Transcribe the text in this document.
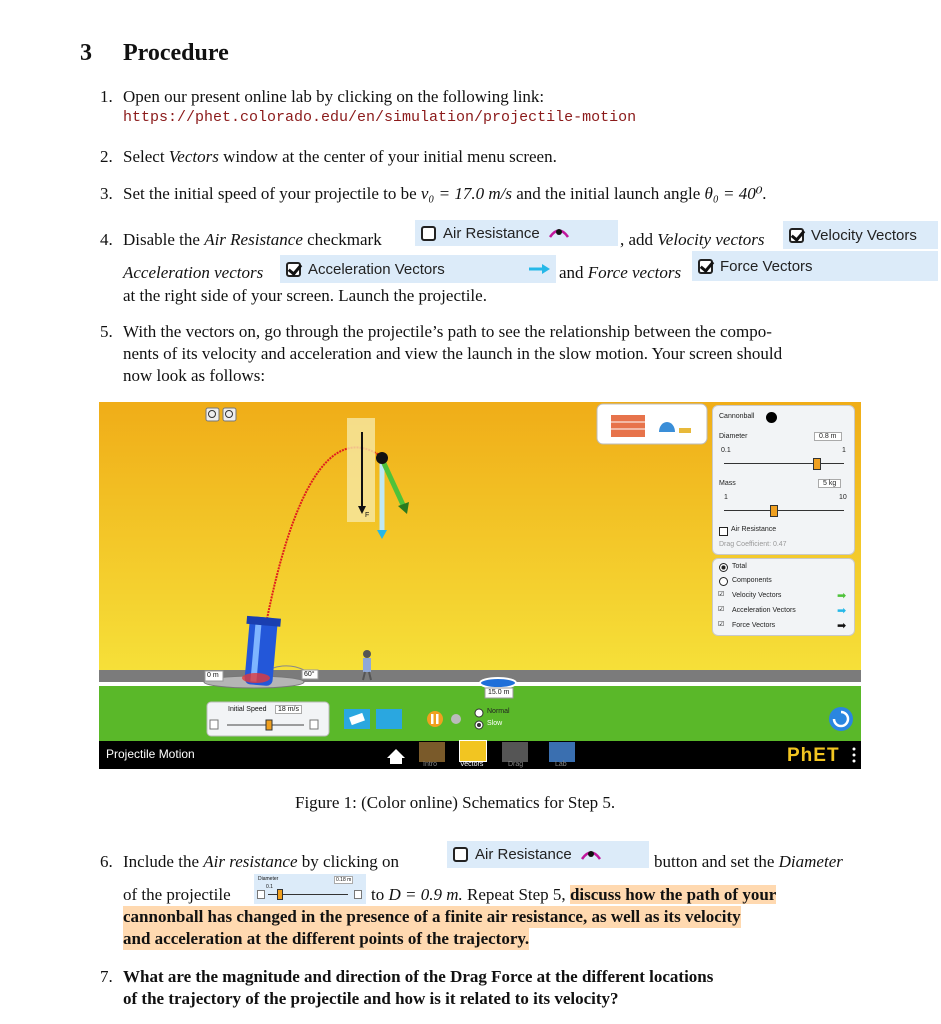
3 Procedure
1. Open our present online lab by clicking on the following link:
https://phet.colorado.edu/en/simulation/projectile-motion
2. Select Vectors window at the center of your initial menu screen.
3. Set the initial speed of your projectile to be v₀ = 17.0 m/s and the initial launch angle θ₀ = 40⁰.
4. Disable the Air Resistance checkmark	Air Resistance	, add Velocity vectors	Velocity Vectors
Acceleration vectors	Acceleration Vectors	and Force vectors	Force Vectors
at the right side of your screen. Launch the projectile.
5. With the vectors on, go through the projectile’s path to see the relationship between the compo-
nents of its velocity and acceleration and view the launch in the slow motion. Your screen should
now look as follows:
0 m	60°
15.0 m
F
Initial Speed	18 m/s	Normal
Slow
Cannonball
Diameter	0.8 m
0.1	1
Mass	5 kg
1	10
Air Resistance
Drag Coefficient: 0.47
Total
Components
☑ Velocity Vectors	➡
☑ Acceleration Vectors	➡
☑ Force Vectors	➡
Projectile Motion
Intro	Vectors	Drag	Lab	PhET
Figure 1: (Color online) Schematics for Step 5.
6. Include the Air resistance by clicking on	Air Resistance	button and set the Diameter
of the projectile
Diameter	0.18 m
0.1	to D = 0.9 m. Repeat Step 5, discuss how the path of your
cannonball has changed in the presence of a finite air resistance, as well as its velocity
and acceleration at the different points of the trajectory.
7. What are the magnitude and direction of the Drag Force at the different locations
of the trajectory of the projectile and how is it related to its velocity?
